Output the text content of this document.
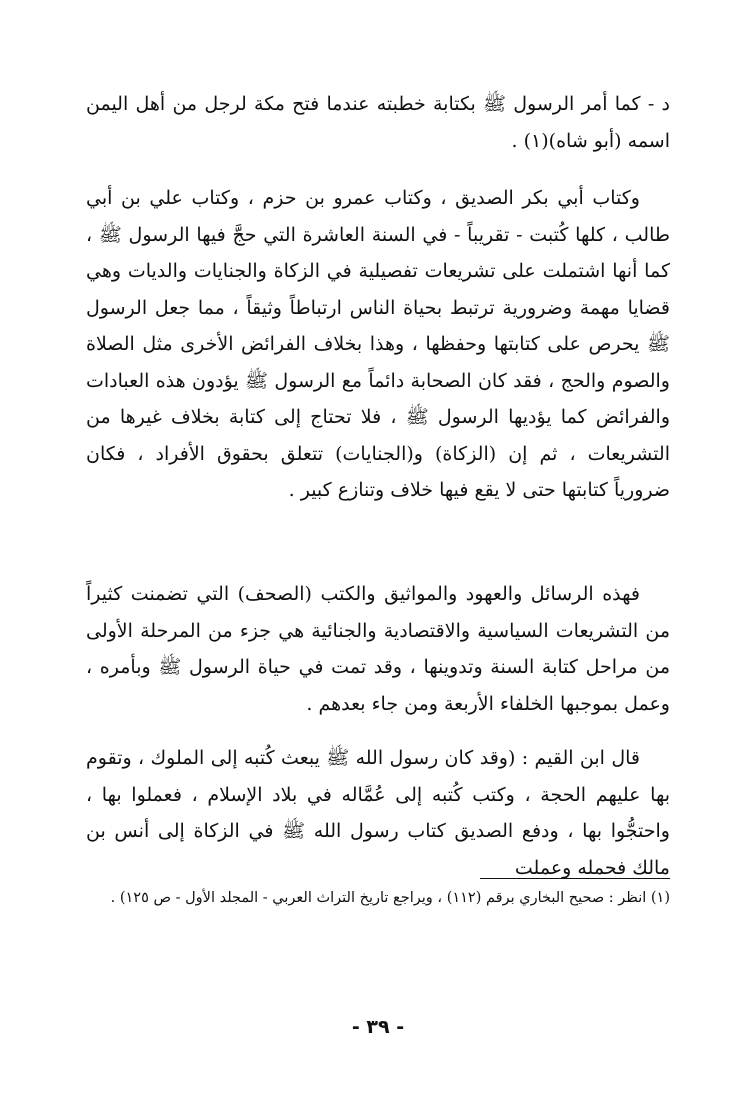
د - كما أمر الرسول ﷺ بكتابة خطبته عندما فتح مكة لرجل من أهل اليمن اسمه (أبو شاه)(١) .

وكتاب أبي بكر الصديق ، وكتاب عمرو بن حزم ، وكتاب علي بن أبي طالب ، كلها كُتبت - تقريباً - في السنة العاشرة التي حجَّ فيها الرسول ﷺ ، كما أنها اشتملت على تشريعات تفصيلية في الزكاة والجنايات والديات وهي قضايا مهمة وضرورية ترتبط بحياة الناس ارتباطاً وثيقاً ، مما جعل الرسول ﷺ يحرص على كتابتها وحفظها ، وهذا بخلاف الفرائض الأخرى مثل الصلاة والصوم والحج ، فقد كان الصحابة دائماً مع الرسول ﷺ يؤدون هذه العبادات والفرائض كما يؤديها الرسول ﷺ ، فلا تحتاج إلى كتابة بخلاف غيرها من التشريعات ، ثم إن (الزكاة) و(الجنايات) تتعلق بحقوق الأفراد ، فكان ضرورياً كتابتها حتى لا يقع فيها خلاف وتنازع كبير .

فهذه الرسائل والعهود والمواثيق والكتب (الصحف) التي تضمنت كثيراً من التشريعات السياسية والاقتصادية والجنائية هي جزء من المرحلة الأولى من مراحل كتابة السنة وتدوينها ، وقد تمت في حياة الرسول ﷺ وبأمره ، وعمل بموجبها الخلفاء الأربعة ومن جاء بعدهم .

قال ابن القيم : (وقد كان رسول الله ﷺ يبعث كُتبه إلى الملوك ، وتقوم بها عليهم الحجة ، وكتب كُتبه إلى عُمَّاله في بلاد الإسلام ، فعملوا بها ، واحتجُّوا بها ، ودفع الصديق كتاب رسول الله ﷺ في الزكاة إلى أنس بن مالك فحمله وعملت

(١) انظر : صحيح البخاري برقم (١١٢) ، ويراجع تاريخ التراث العربي - المجلد الأول - ص ١٢٥) .
- ٣٩ -
